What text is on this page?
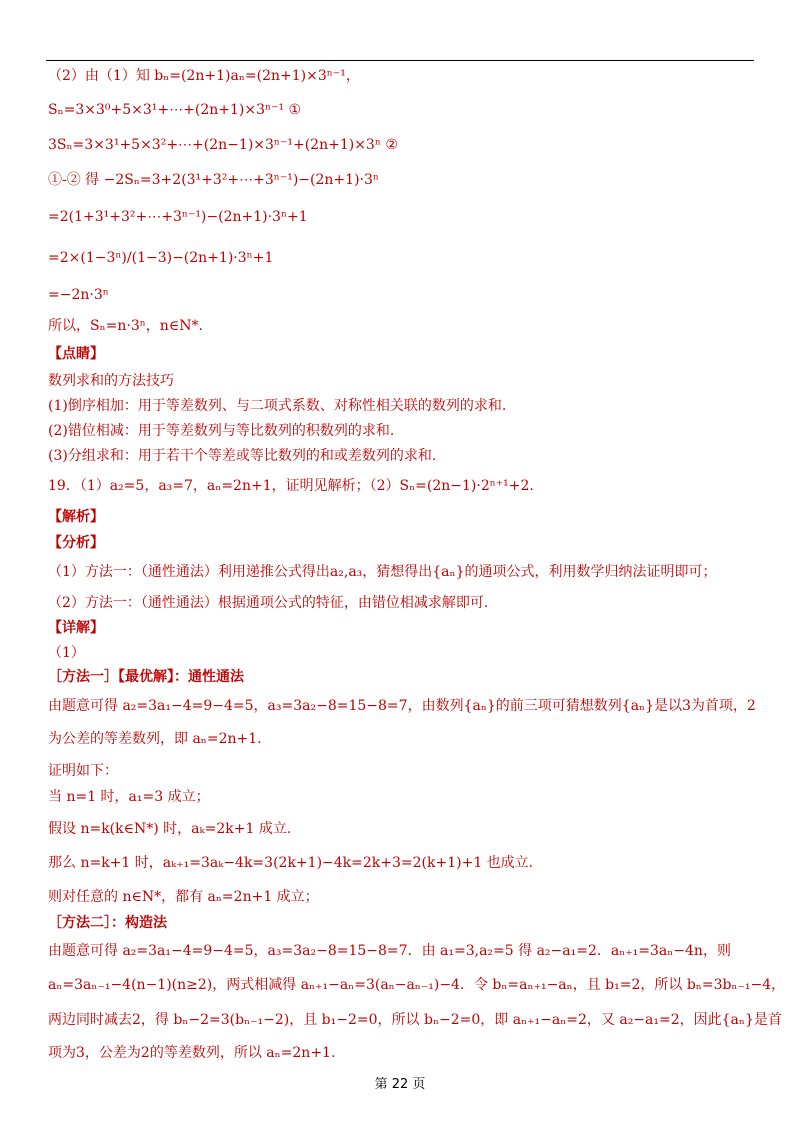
（2）由（1）知 bₙ=(2n+1)aₙ=(2n+1)×3ⁿ⁻¹，
Sₙ=3×3⁰+5×3¹+⋯+(2n+1)×3ⁿ⁻¹ ①
3Sₙ=3×3¹+5×3²+⋯+(2n−1)×3ⁿ⁻¹+(2n+1)×3ⁿ ②
①-② 得 −2Sₙ=3+2(3¹+3²+⋯+3ⁿ⁻¹)−(2n+1)·3ⁿ
=2(1+3¹+3²+⋯+3ⁿ⁻¹)−(2n+1)·3ⁿ+1
=2×(1−3ⁿ)/(1−3)−(2n+1)·3ⁿ+1
=−2n·3ⁿ
所以，Sₙ=n·3ⁿ，n∈N*.
【点睛】
数列求和的方法技巧
(1)倒序相加：用于等差数列、与二项式系数、对称性相关联的数列的求和.
(2)错位相减：用于等差数列与等比数列的积数列的求和.
(3)分组求和：用于若干个等差或等比数列的和或差数列的求和.
19．（1）a₂=5，a₃=7，aₙ=2n+1，证明见解析；（2）Sₙ=(2n−1)·2ⁿ⁺¹+2.
【解析】
【分析】
（1）方法一：（通性通法）利用递推公式得出a₂,a₃，猜想得出{aₙ}的通项公式，利用数学归纳法证明即可；
（2）方法一：（通性通法）根据通项公式的特征，由错位相减求解即可.
【详解】
（1）
［方法一］【最优解】：通性通法
由题意可得 a₂=3a₁−4=9−4=5，a₃=3a₂−8=15−8=7，由数列{aₙ}的前三项可猜想数列{aₙ}是以3为首项，2
为公差的等差数列，即 aₙ=2n+1.
证明如下：
当 n=1 时，a₁=3 成立；
假设 n=k(k∈N*) 时，aₖ=2k+1 成立.
那么 n=k+1 时，aₖ₊₁=3aₖ−4k=3(2k+1)−4k=2k+3=2(k+1)+1 也成立.
则对任意的 n∈N*，都有 aₙ=2n+1 成立；
［方法二］：构造法
由题意可得 a₂=3a₁−4=9−4=5，a₃=3a₂−8=15−8=7．由 a₁=3,a₂=5 得 a₂−a₁=2．aₙ₊₁=3aₙ−4n，则
aₙ=3aₙ₋₁−4(n−1)(n≥2)，两式相减得 aₙ₊₁−aₙ=3(aₙ−aₙ₋₁)−4．令 bₙ=aₙ₊₁−aₙ，且 b₁=2，所以 bₙ=3bₙ₋₁−4，
两边同时减去2，得 bₙ−2=3(bₙ₋₁−2)，且 b₁−2=0，所以 bₙ−2=0，即 aₙ₊₁−aₙ=2，又 a₂−a₁=2，因此{aₙ}是首
项为3，公差为2的等差数列，所以 aₙ=2n+1.
第 22 页
